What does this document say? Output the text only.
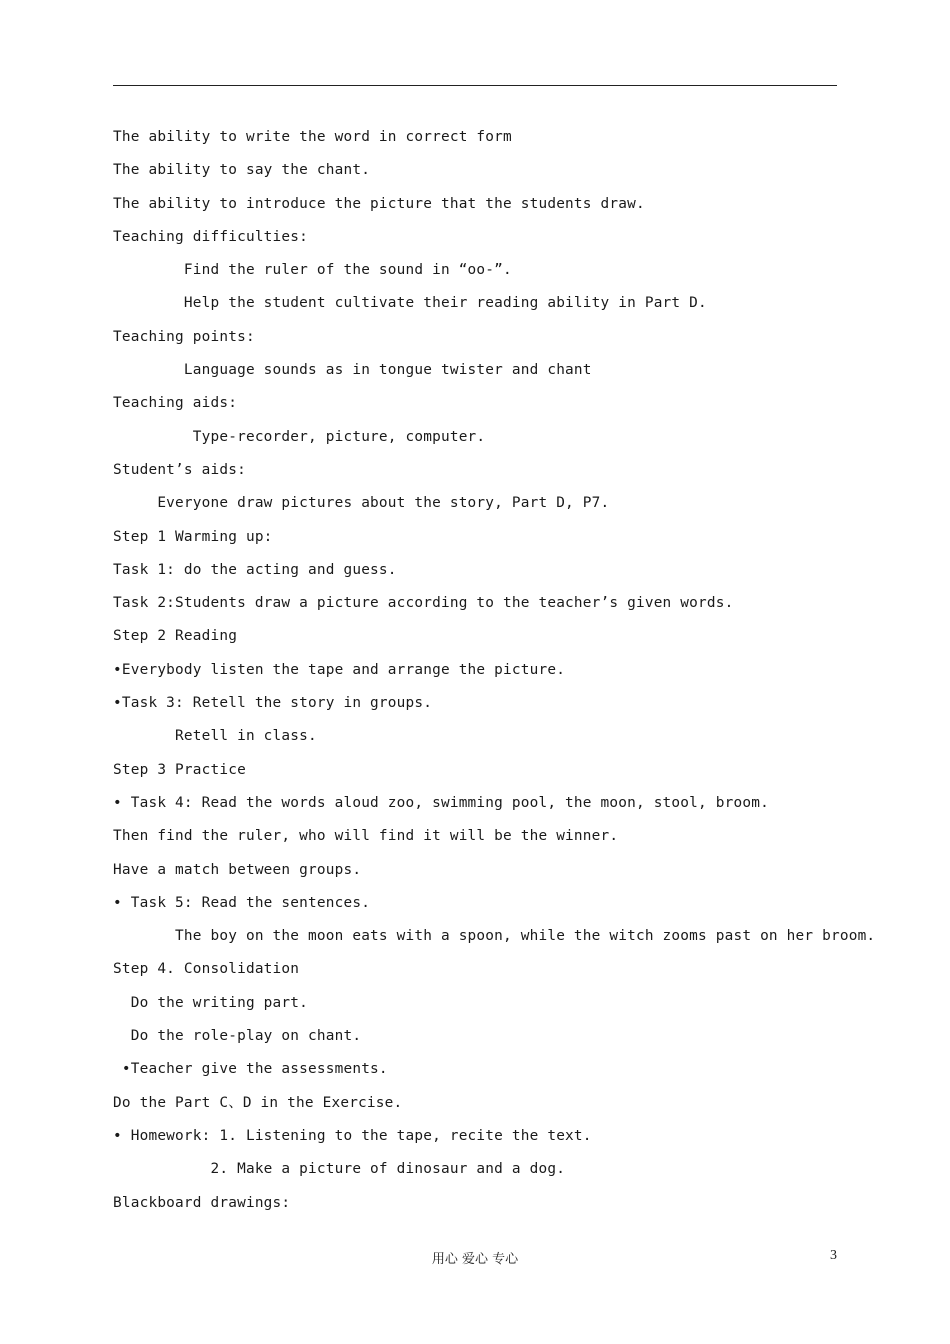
The ability to write the word in correct form
The ability to say the chant.
The ability to introduce the picture that the students draw.
Teaching difficulties:
Find the ruler of the sound in “oo-”.
Help the student cultivate their reading ability in Part D.
Teaching points:
Language sounds as in tongue twister and chant
Teaching aids:
Type-recorder, picture, computer.
Student’s aids:
Everyone draw pictures about the story, Part D, P7.
Step 1 Warming up:
Task 1: do the acting and guess.
Task 2:Students draw a picture according to the teacher’s given words.
Step 2 Reading
•Everybody listen the tape and arrange the picture.
•Task 3: Retell the story in groups.
Retell in class.
Step 3 Practice
• Task 4: Read the words aloud zoo, swimming pool, the moon, stool, broom.
Then find the ruler, who will find it will be the winner.
Have a match between groups.
• Task 5: Read the sentences.
The boy on the moon eats with a spoon, while the witch zooms past on her broom.
Step 4. Consolidation
Do the writing part.
Do the role-play on chant.
•Teacher give the assessments.
Do the Part C、D in the Exercise.
• Homework: 1. Listening to the tape, recite the text.
2. Make a picture of dinosaur and a dog.
Blackboard drawings:
用心 爱心 专心	3
